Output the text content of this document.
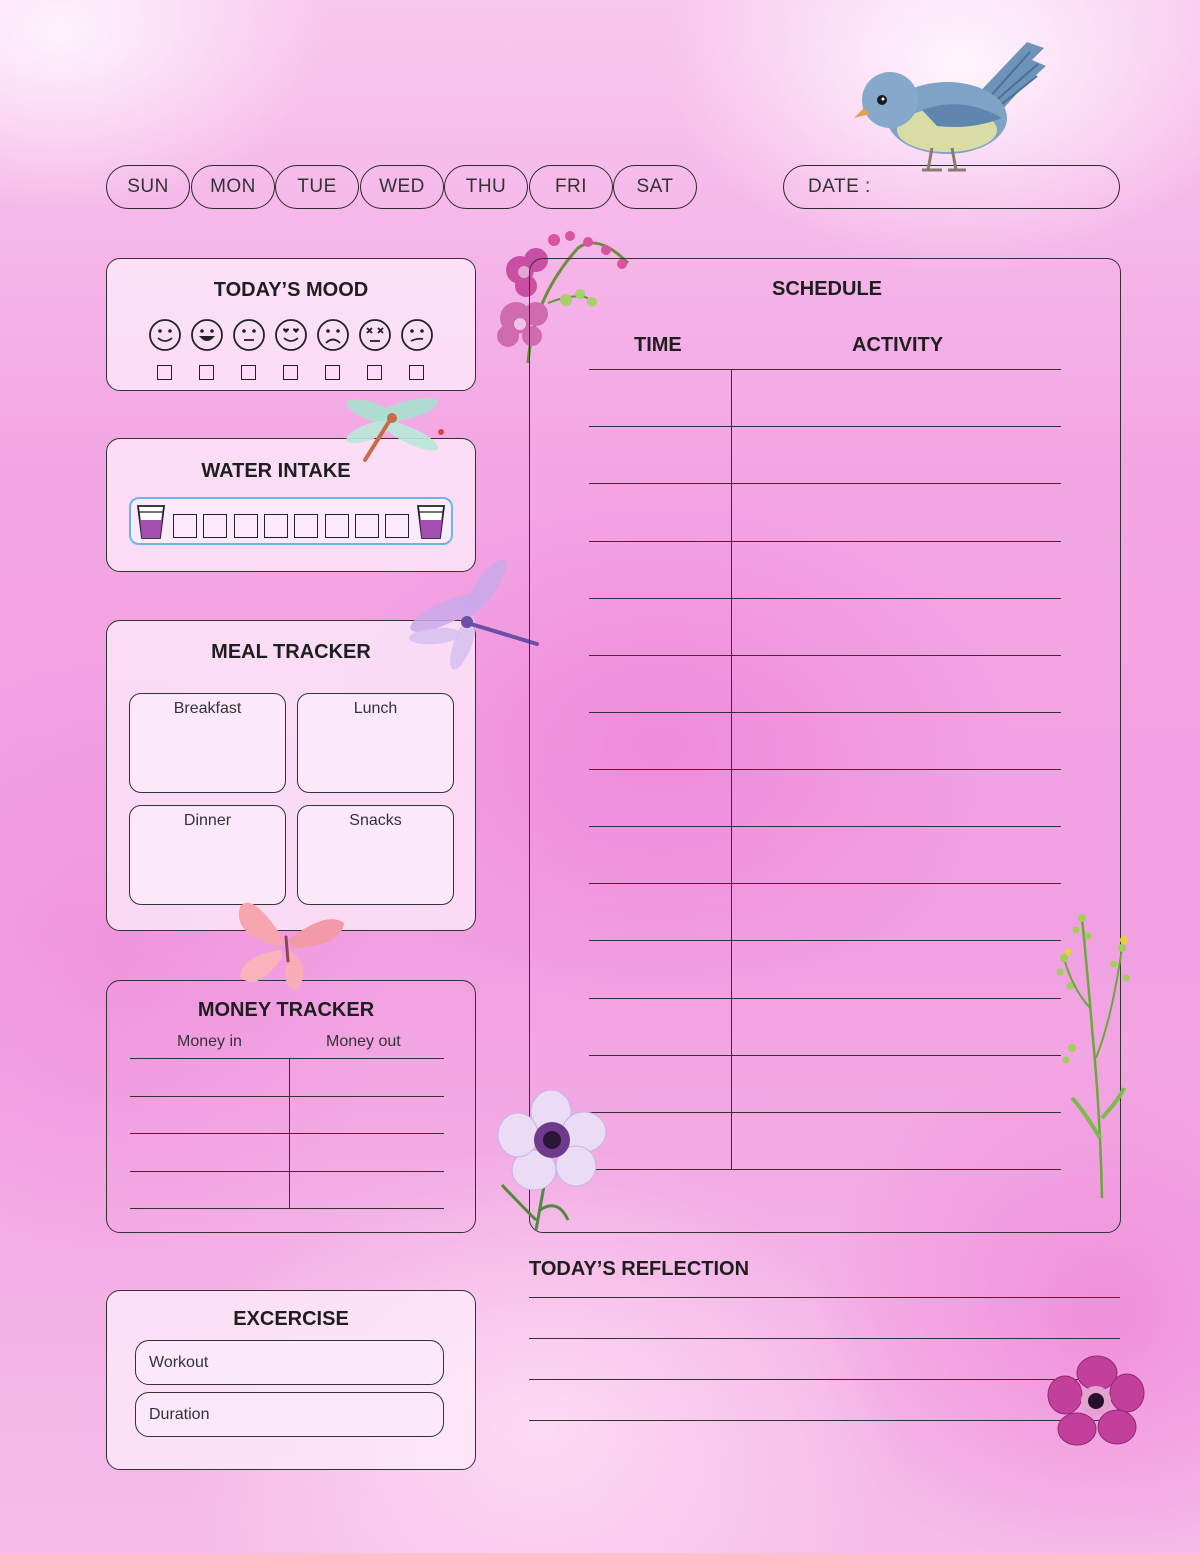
SUN MON TUE WED THU	FRI	SAT	DATE :
TODAY’S MOOD
WATER INTAKE
MEAL TRACKER
Breakfast	Lunch
Dinner	Snacks
MONEY TRACKER
Money in	Money out
EXCERCISE
Workout
Duration
SCHEDULE
TIME	ACTIVITY
TODAY’S REFLECTION
